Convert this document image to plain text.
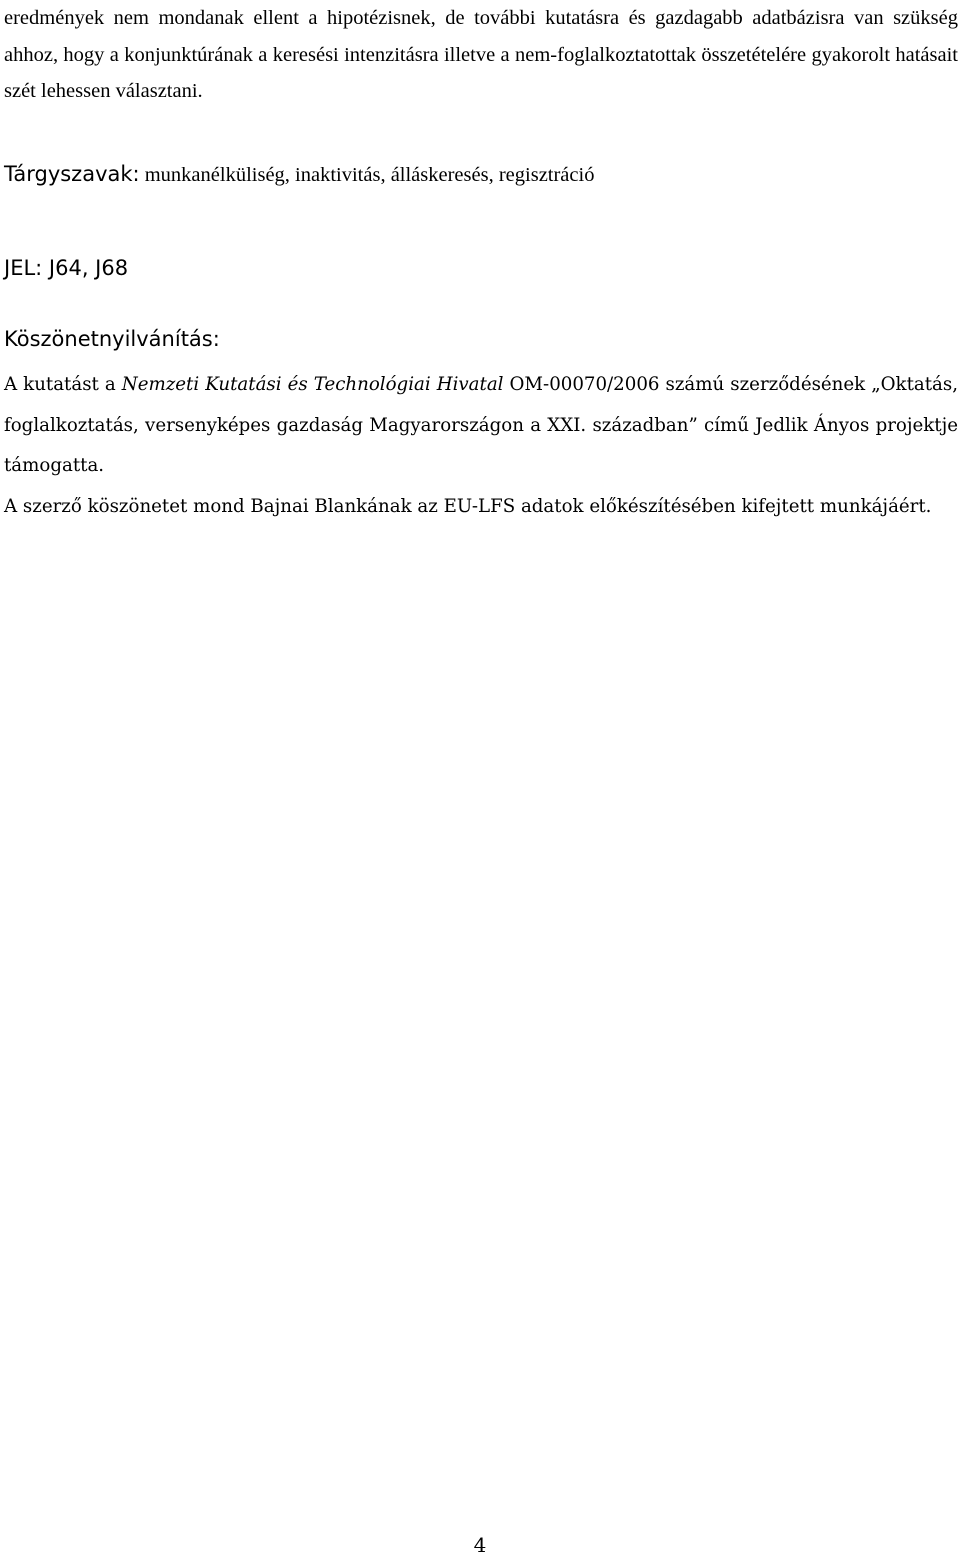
eredmények nem mondanak ellent a hipotézisnek, de további kutatásra és gazdagabb adatbázisra van szükség ahhoz, hogy a konjunktúrának a keresési intenzitásra illetve a nem-foglalkoztatottak összetételére gyakorolt hatásait szét lehessen választani.
Tárgyszavak: munkanélküliség, inaktivitás, álláskeresés, regisztráció
JEL: J64, J68
Köszönetnyilvánítás:

A kutatást a Nemzeti Kutatási és Technológiai Hivatal OM-00070/2006 számú szerződésének „Oktatás, foglalkoztatás, versenyképes gazdaság Magyarországon a XXI. században” című Jedlik Ányos projektje támogatta.

A szerző köszönetet mond Bajnai Blankának az EU-LFS adatok előkészítésében kifejtett munkájáért.

4
